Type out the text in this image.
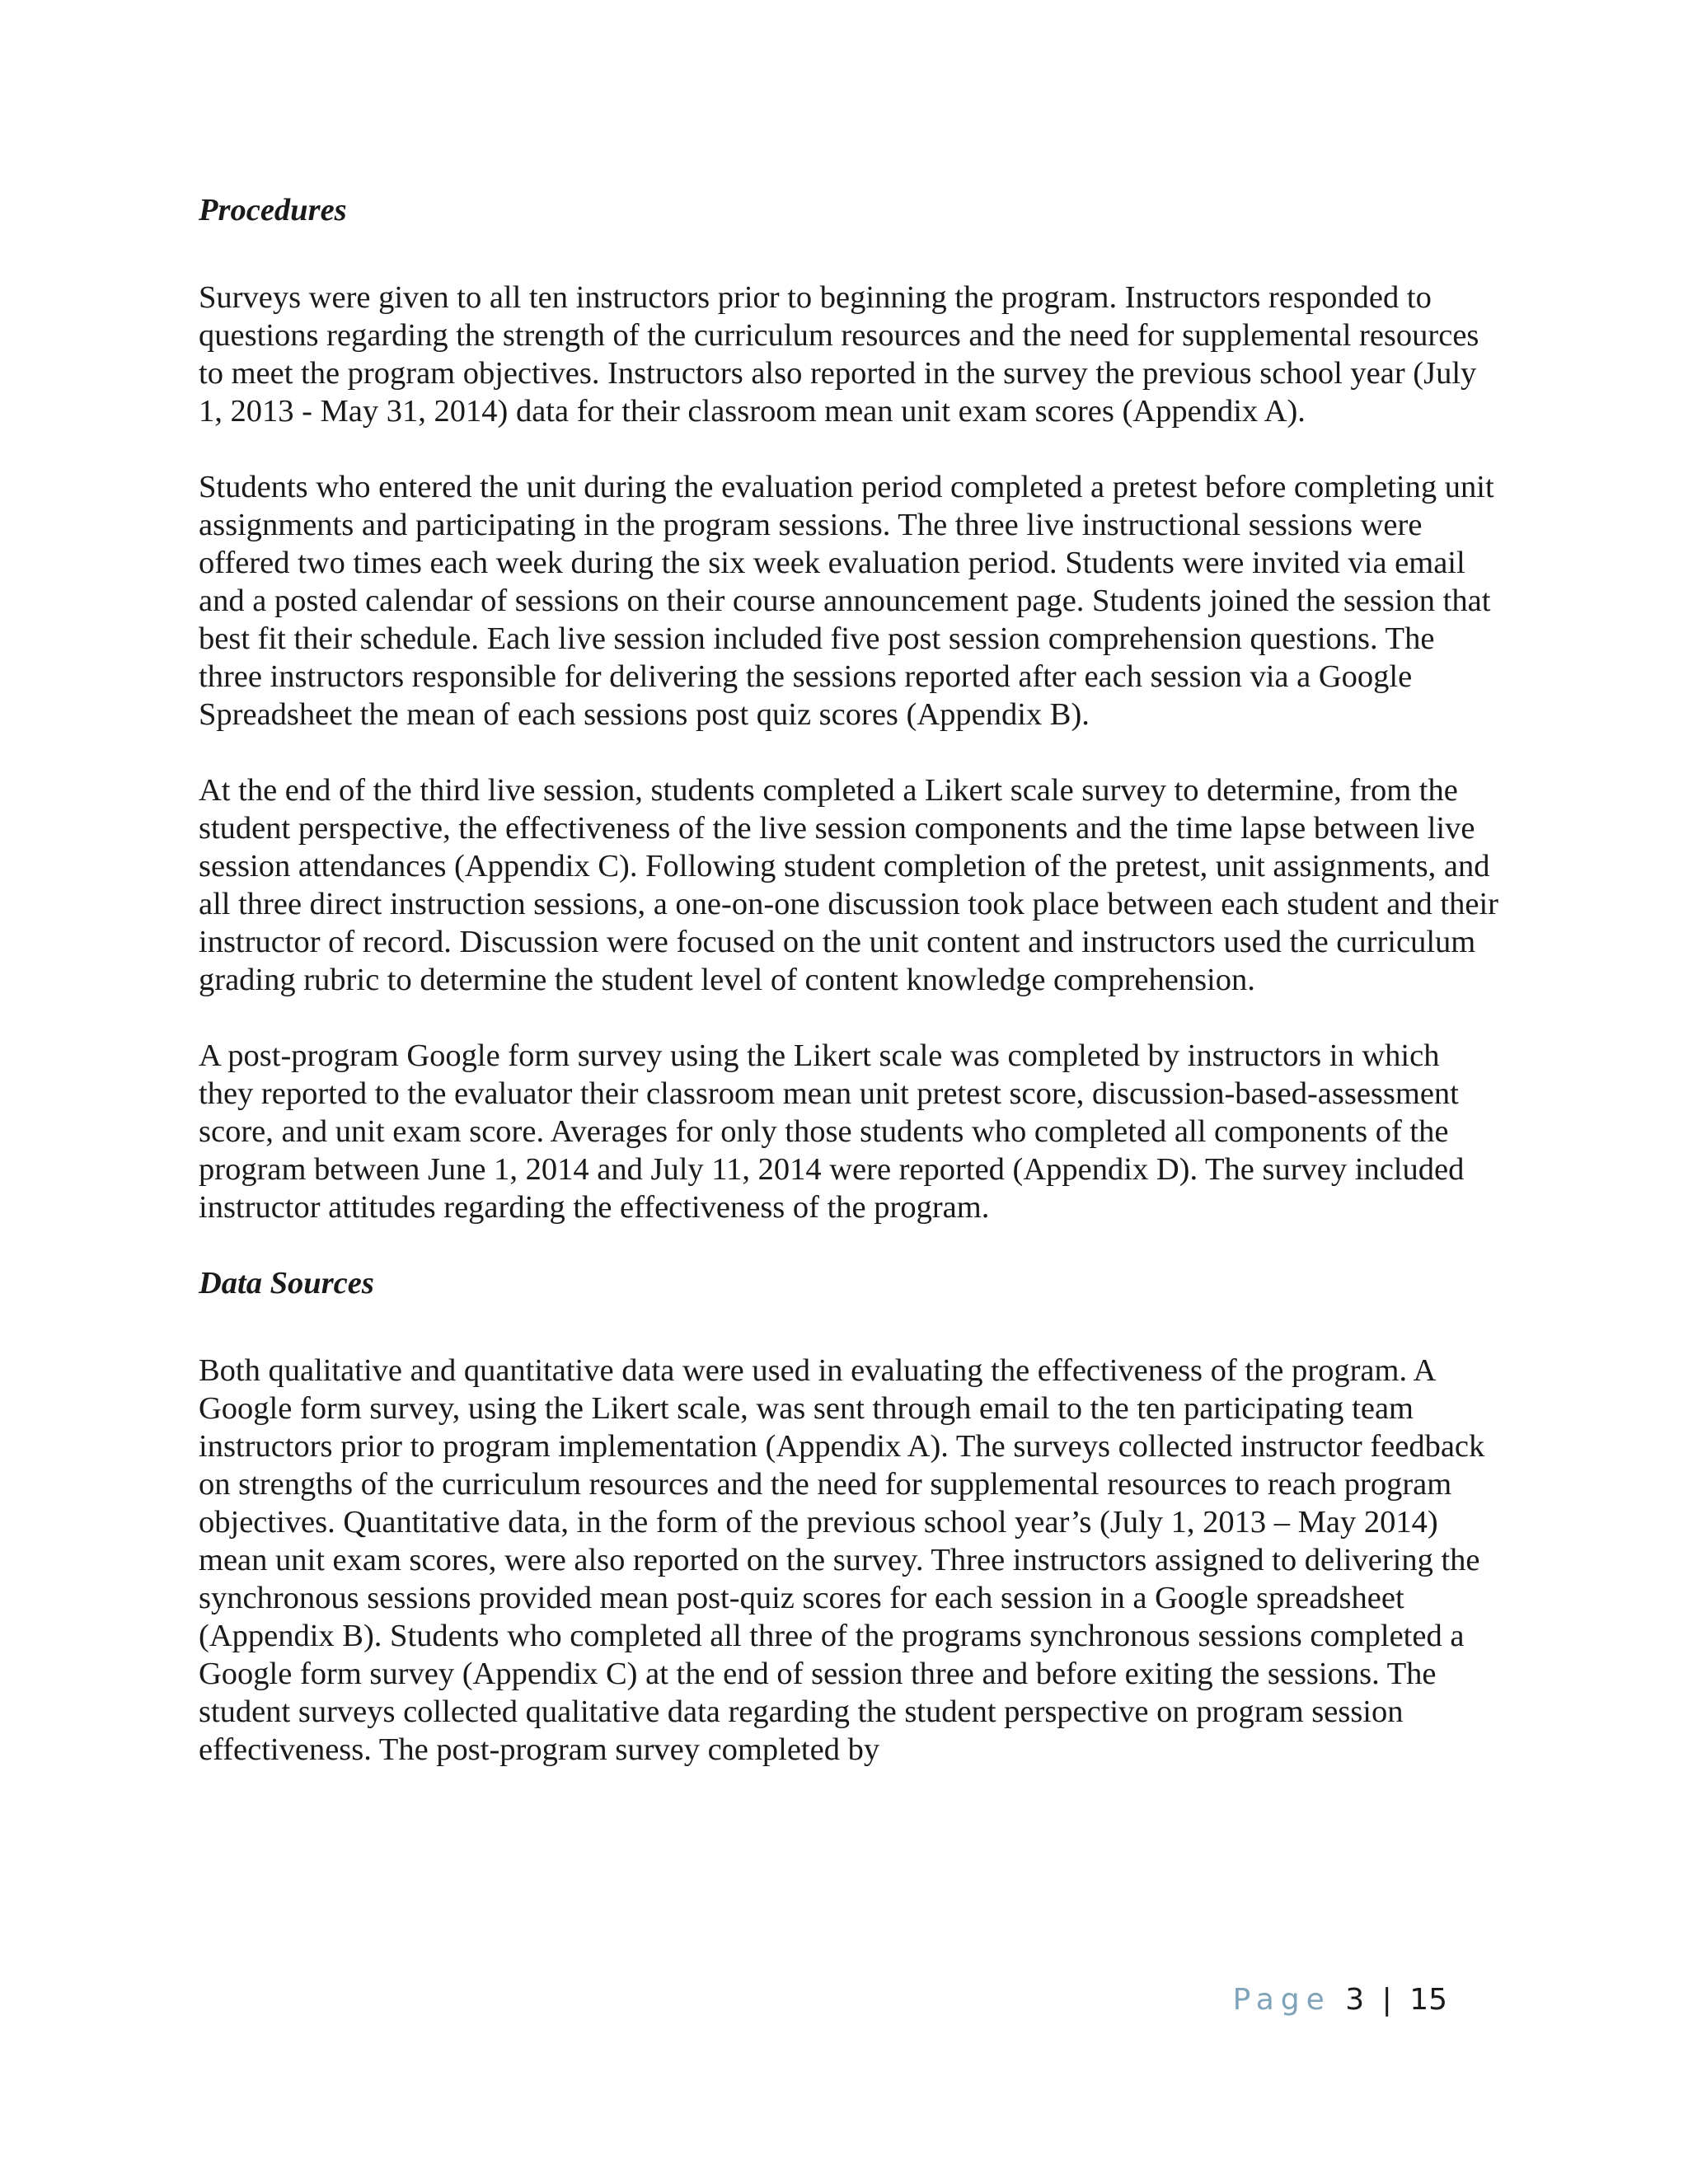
Procedures

Surveys were given to all ten instructors prior to beginning the program. Instructors responded to questions regarding the strength of the curriculum resources and the need for supplemental resources to meet the program objectives. Instructors also reported in the survey the previous school year (July 1, 2013 - May 31, 2014) data for their classroom mean unit exam scores (Appendix A).

Students who entered the unit during the evaluation period completed a pretest before completing unit assignments and participating in the program sessions. The three live instructional sessions were offered two times each week during the six week evaluation period. Students were invited via email and a posted calendar of sessions on their course announcement page. Students joined the session that best fit their schedule. Each live session included five post session comprehension questions. The three instructors responsible for delivering the sessions reported after each session via a Google Spreadsheet the mean of each sessions post quiz scores (Appendix B).

At the end of the third live session, students completed a Likert scale survey to determine, from the student perspective, the effectiveness of the live session components and the time lapse between live session attendances (Appendix C). Following student completion of the pretest, unit assignments, and all three direct instruction sessions, a one-on-one discussion took place between each student and their instructor of record. Discussion were focused on the unit content and instructors used the curriculum grading rubric to determine the student level of content knowledge comprehension.

A post-program Google form survey using the Likert scale was completed by instructors in which they reported to the evaluator their classroom mean unit pretest score, discussion-based-assessment score, and unit exam score. Averages for only those students who completed all components of the program between June 1, 2014 and July 11, 2014 were reported (Appendix D). The survey included instructor attitudes regarding the effectiveness of the program.

Data Sources

Both qualitative and quantitative data were used in evaluating the effectiveness of the program. A Google form survey, using the Likert scale, was sent through email to the ten participating team instructors prior to program implementation (Appendix A). The surveys collected instructor feedback on strengths of the curriculum resources and the need for supplemental resources to reach program objectives. Quantitative data, in the form of the previous school year’s (July 1, 2013 – May 2014) mean unit exam scores, were also reported on the survey. Three instructors assigned to delivering the synchronous sessions provided mean post-quiz scores for each session in a Google spreadsheet (Appendix B). Students who completed all three of the programs synchronous sessions completed a Google form survey (Appendix C) at the end of session three and before exiting the sessions. The student surveys collected qualitative data regarding the student perspective on program session effectiveness. The post-program survey completed by

Page 3 | 15
